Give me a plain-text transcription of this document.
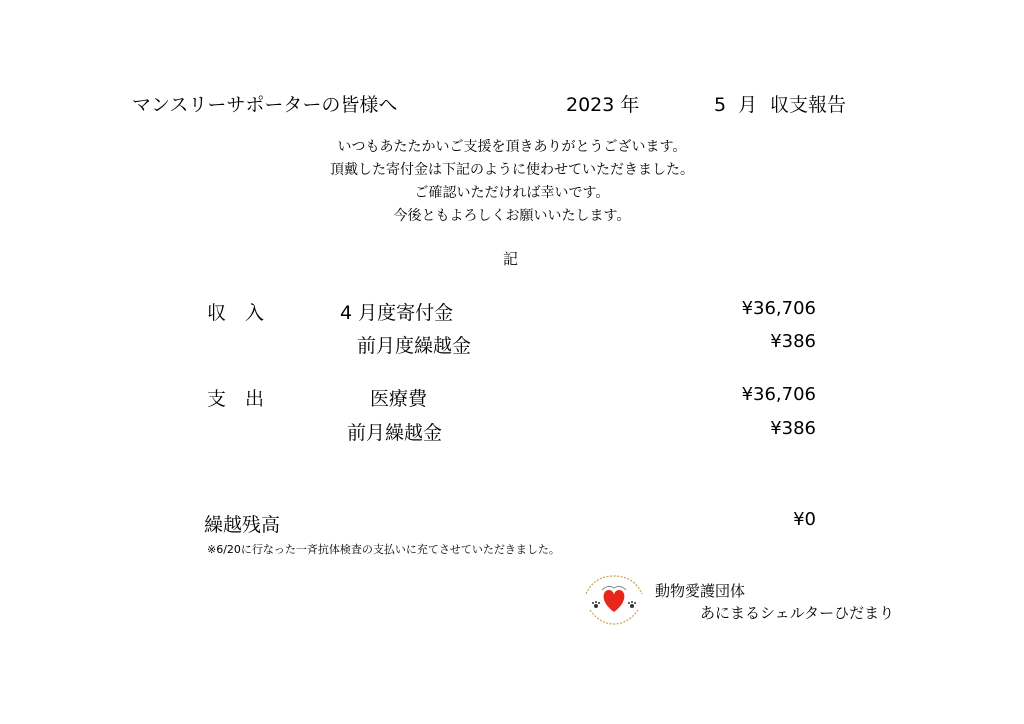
マンスリーサポーターの皆様へ	2023 年	5 月 収支報告
いつもあたたかいご支援を頂きありがとうございます。
頂戴した寄付金は下記のように使わせていただきました。
ご確認いただければ幸いです。
今後ともよろしくお願いいたします。
記
収　入	4 月度寄付金	¥36,706
前月度繰越金	¥386
支　出	医療費	¥36,706
前月繰越金	¥386
繰越残高	¥0
※6/20に行なった一斉抗体検査の支払いに充てさせていただきました。
動物愛護団体
あにまるシェルターひだまり
